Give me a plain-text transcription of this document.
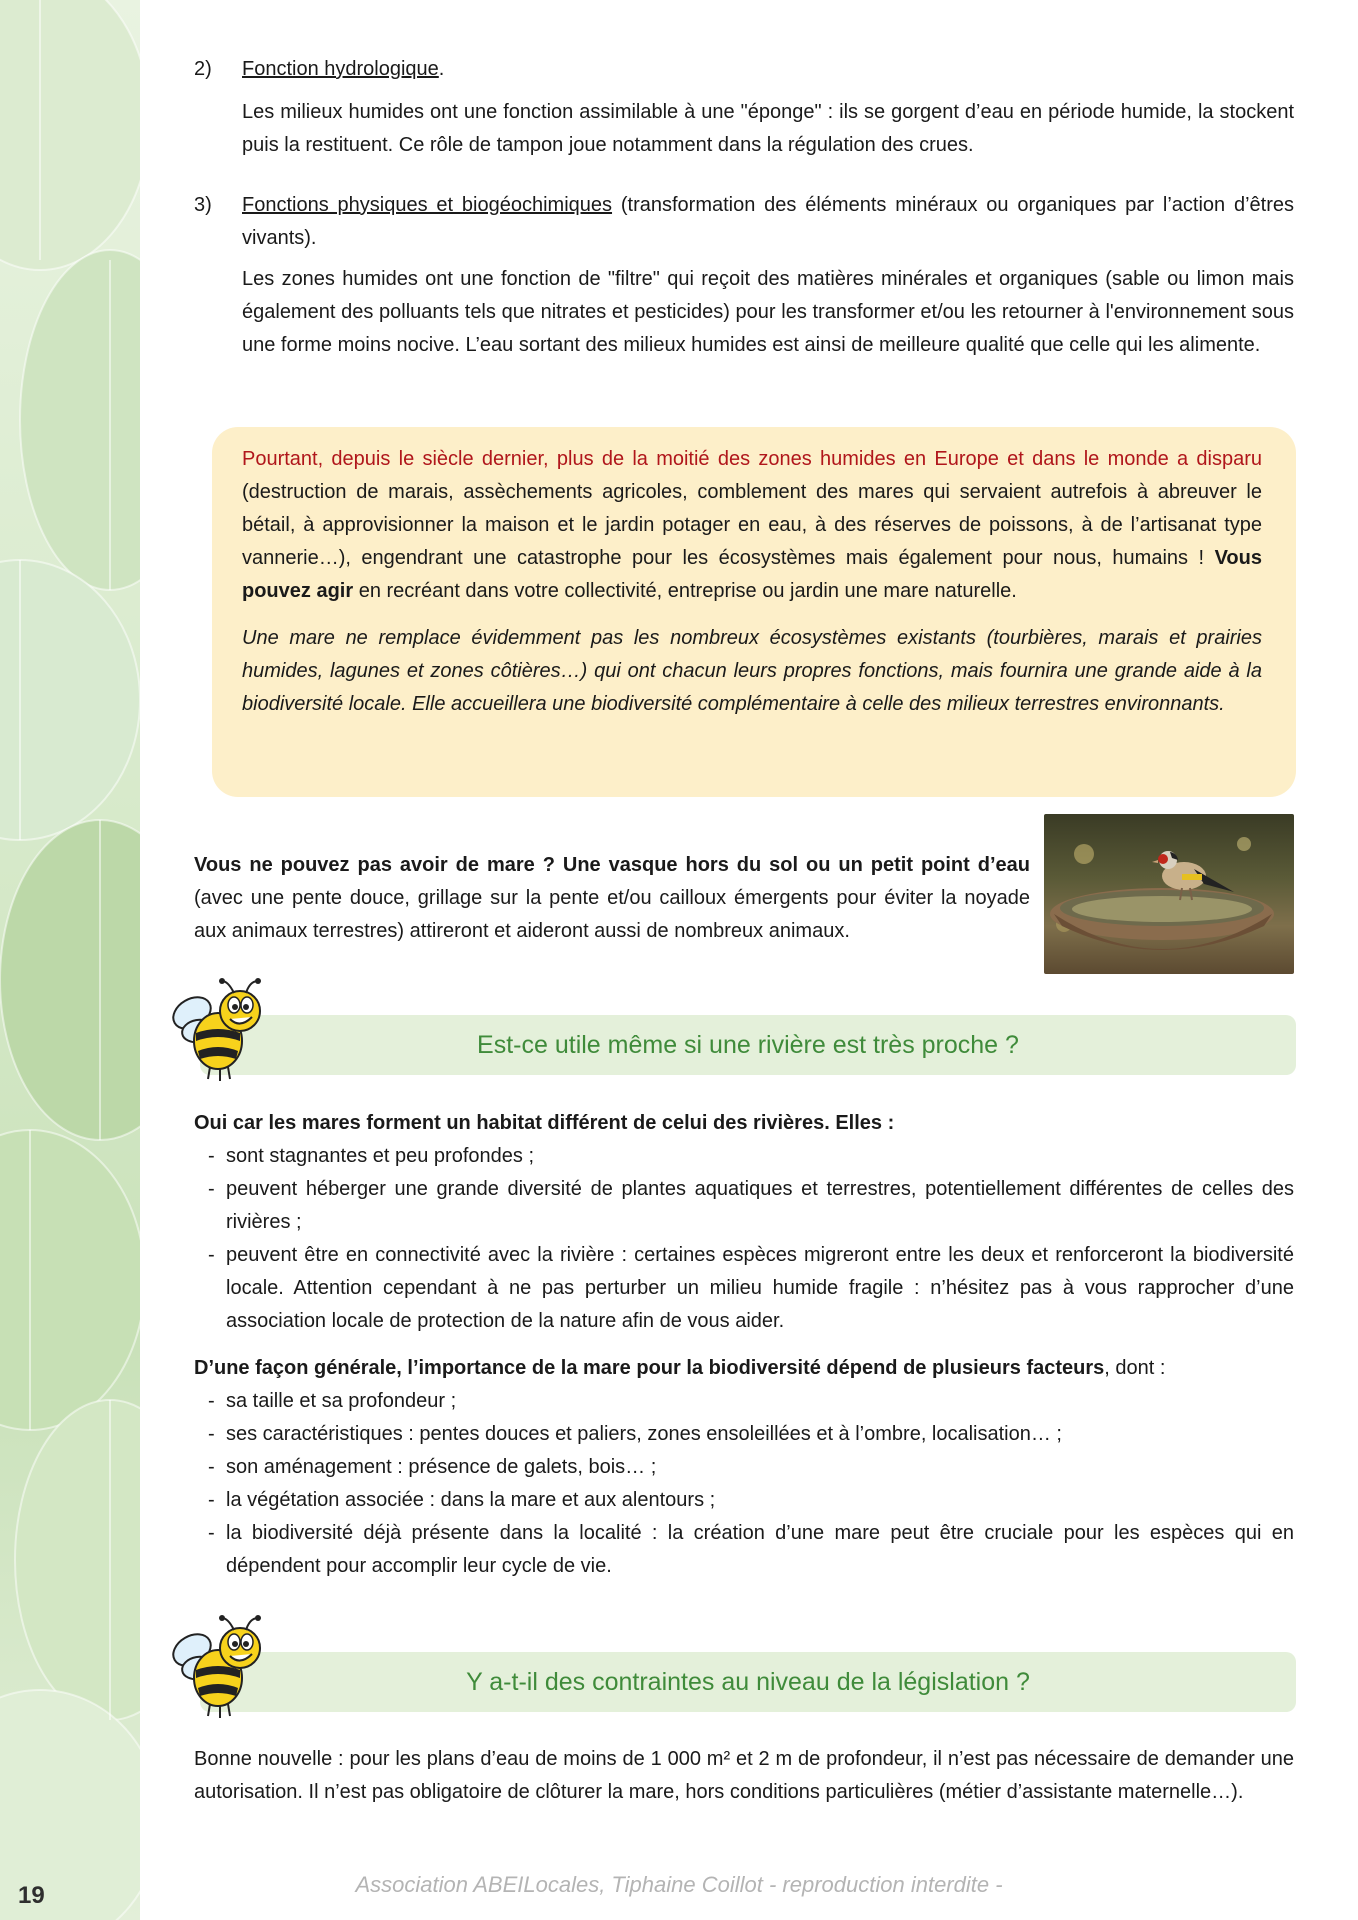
19
2)	Fonction hydrologique.

Les milieux humides ont une fonction assimilable à une "éponge" : ils se gorgent d’eau en période humide, la stockent puis la restituent. Ce rôle de tampon joue notamment dans la régulation des crues.

3)	Fonctions physiques et biogéochimiques (transformation des éléments minéraux ou organiques par l’action d’êtres vivants).

Les zones humides ont une fonction de "filtre" qui reçoit des matières minérales et organiques (sable ou limon mais également des polluants tels que nitrates et pesticides) pour les transformer et/ou les retourner à l'environnement sous une forme moins nocive. L’eau sortant des milieux humides est ainsi de meilleure qualité que celle qui les alimente.

Pourtant, depuis le siècle dernier, plus de la moitié des zones humides en Europe et dans le monde a disparu (destruction de marais, assèchements agricoles, comblement des mares qui servaient autrefois à abreuver le bétail, à approvisionner la maison et le jardin potager en eau, à des réserves de poissons, à de l’artisanat type vannerie…), engendrant une catastrophe pour les écosystèmes mais également pour nous, humains ! Vous pouvez agir en recréant dans votre collectivité, entreprise ou jardin une mare naturelle.

Une mare ne remplace évidemment pas les nombreux écosystèmes existants (tourbières, marais et prairies humides, lagunes et zones côtières…) qui ont chacun leurs propres fonctions, mais fournira une grande aide à la biodiversité locale. Elle accueillera une biodiversité complémentaire à celle des milieux terrestres environnants.

Vous ne pouvez pas avoir de mare ? Une vasque hors du sol ou un petit point d’eau (avec une pente douce, grillage sur la pente et/ou cailloux émergents pour éviter la noyade aux animaux terrestres) attireront et aideront aussi de nombreux animaux.

Est-ce utile même si une rivière est très proche ?
Oui car les mares forment un habitat différent de celui des rivières. Elles :
- sont stagnantes et peu profondes ;
- peuvent héberger une grande diversité de plantes aquatiques et terrestres, potentiellement différentes de celles des rivières ;
- peuvent être en connectivité avec la rivière : certaines espèces migreront entre les deux et renforceront la biodiversité locale. Attention cependant à ne pas perturber un milieu humide fragile : n’hésitez pas à vous rapprocher d’une association locale de protection de la nature afin de vous aider.

D’une façon générale, l’importance de la mare pour la biodiversité dépend de plusieurs facteurs, dont :

- sa taille et sa profondeur ;
- ses caractéristiques : pentes douces et paliers, zones ensoleillées et à l’ombre, localisation… ;
- son aménagement : présence de galets, bois… ;
- la végétation associée : dans la mare et aux alentours ;
- la biodiversité déjà présente dans la localité : la création d’une mare peut être cruciale pour les espèces qui en dépendent pour accomplir leur cycle de vie.
Y a-t-il des contraintes au niveau de la législation ?

Bonne nouvelle : pour les plans d’eau de moins de 1 000 m² et 2 m de profondeur, il n’est pas nécessaire de demander une autorisation. Il n’est pas obligatoire de clôturer la mare, hors conditions particulières (métier d’assistante maternelle…).

Association ABEILocales, Tiphaine Coillot - reproduction interdite -
